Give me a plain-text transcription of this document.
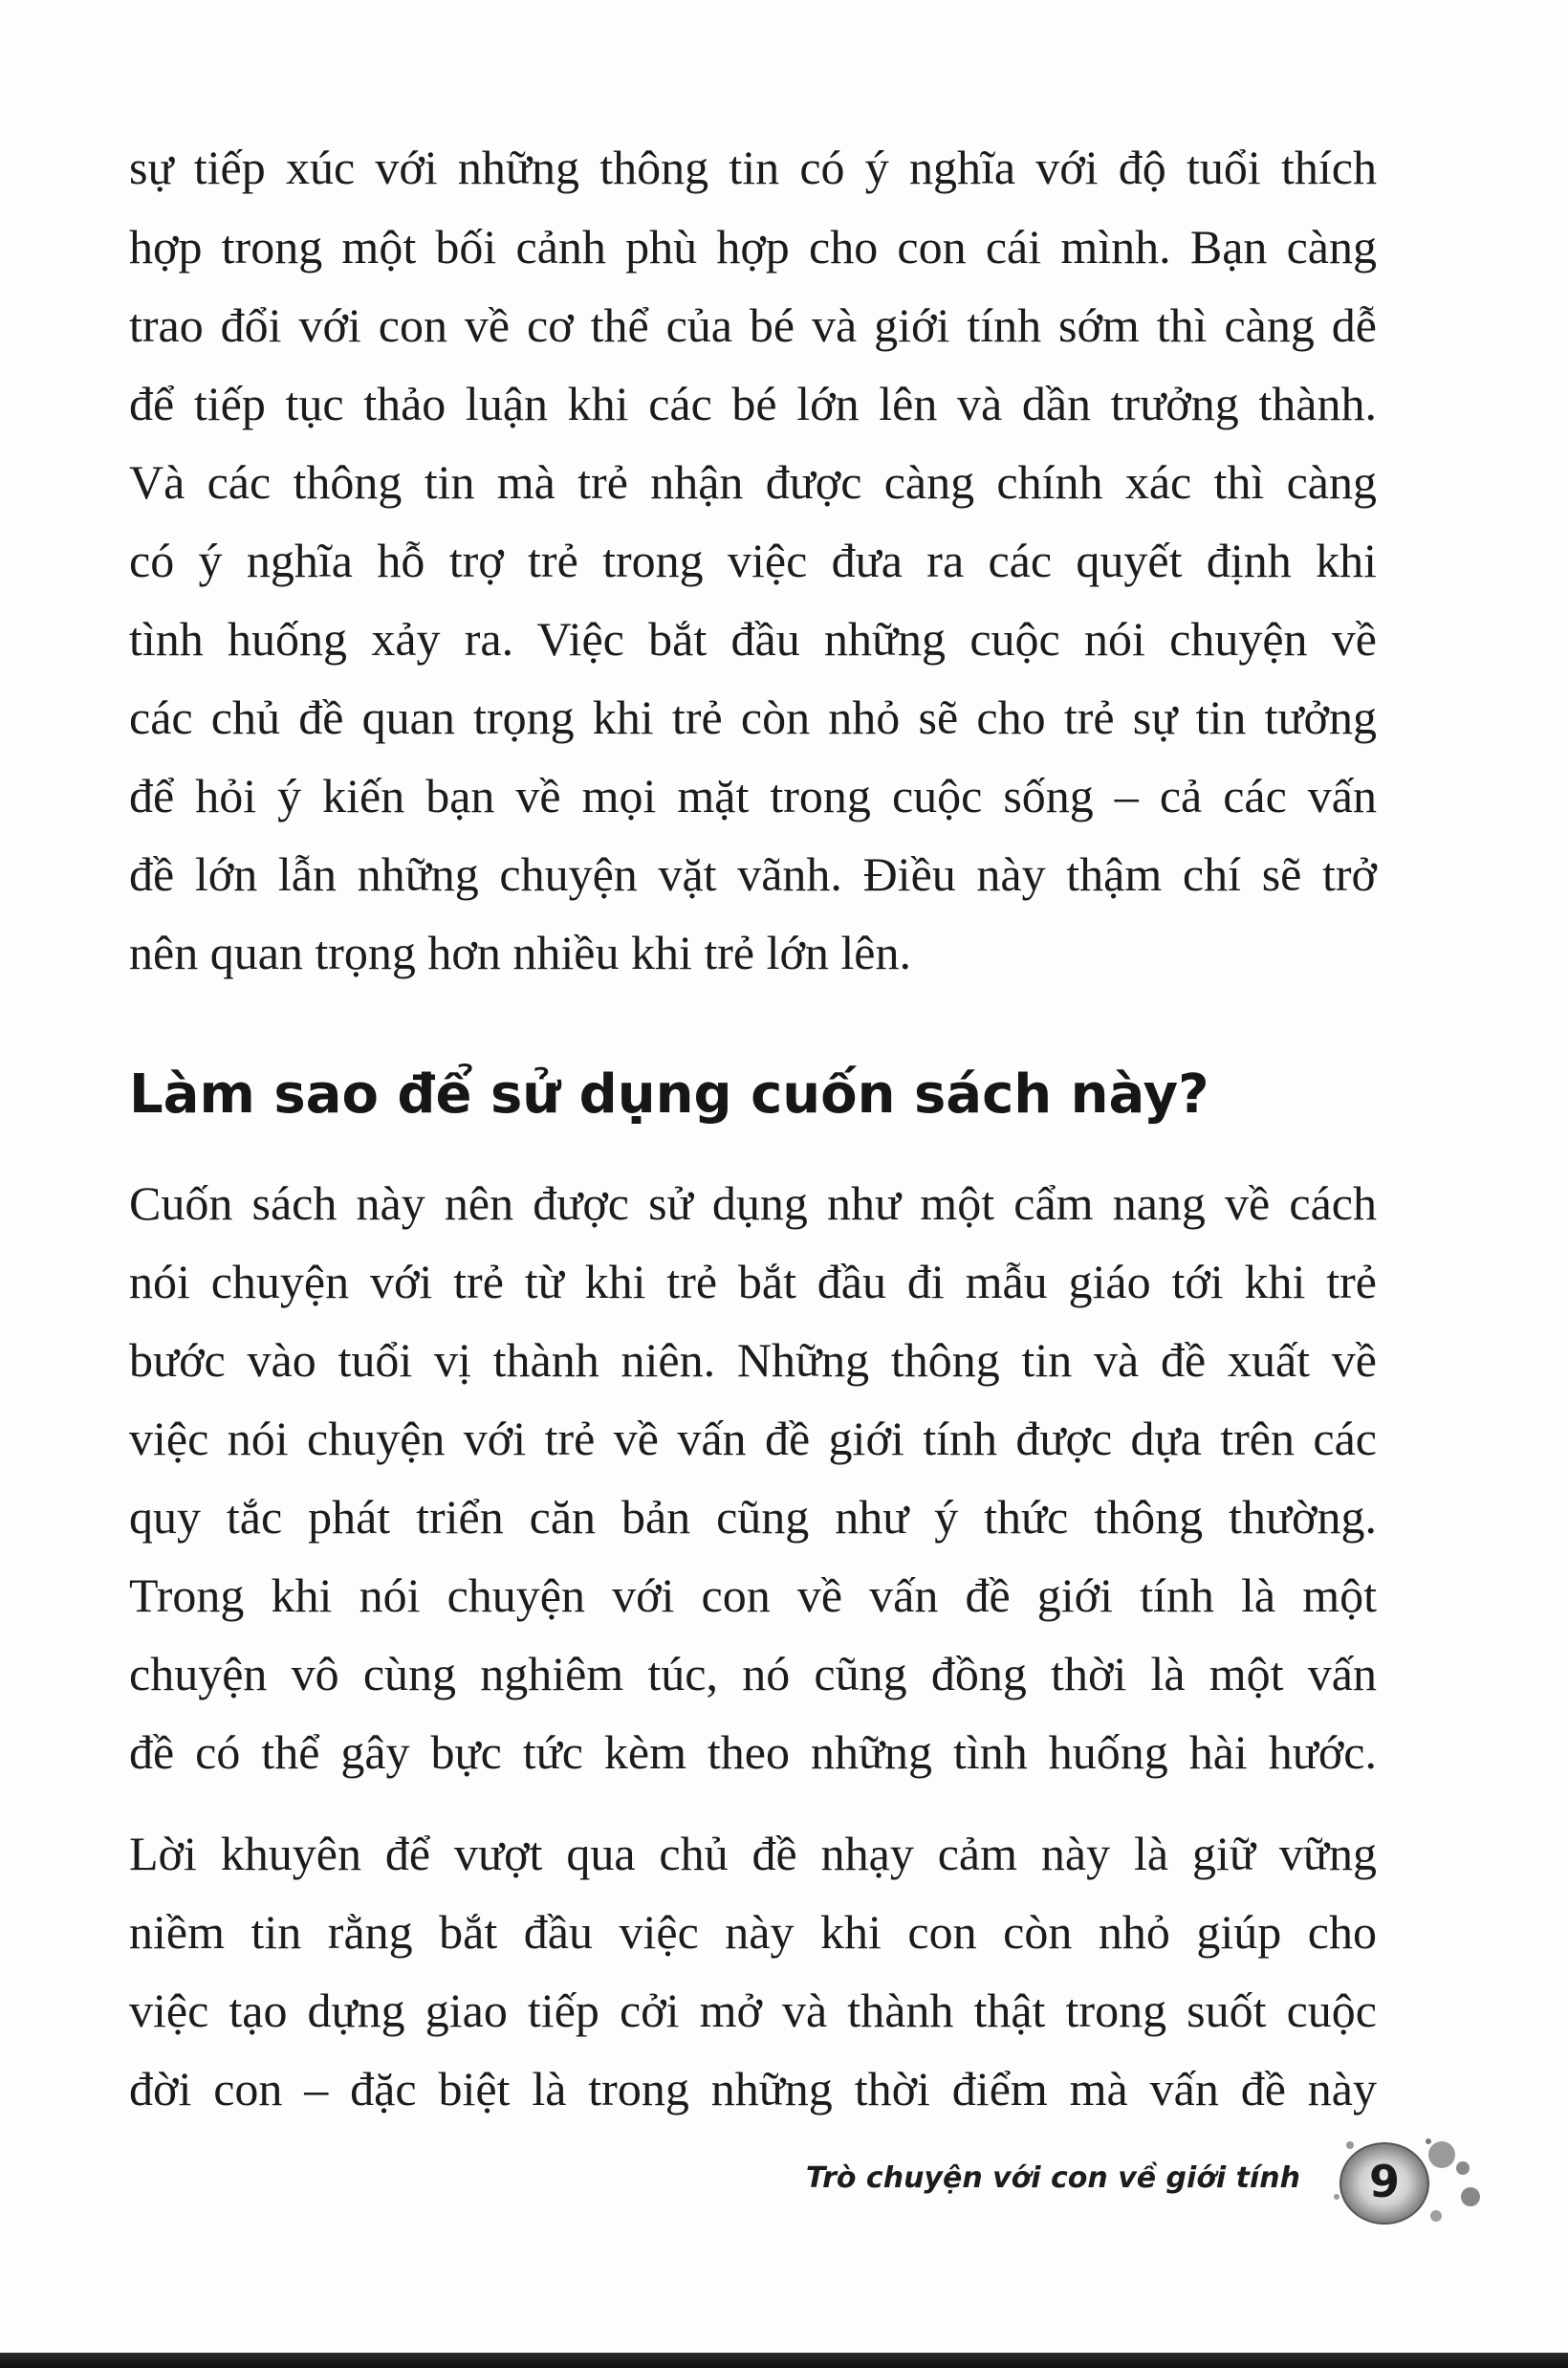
sự tiếp xúc với những thông tin có ý nghĩa với độ tuổi thích

hợp trong một bối cảnh phù hợp cho con cái mình. Bạn càng

trao đổi với con về cơ thể của bé và giới tính sớm thì càng dễ

để tiếp tục thảo luận khi các bé lớn lên và dần trưởng thành.

Và các thông tin mà trẻ nhận được càng chính xác thì càng

có ý nghĩa hỗ trợ trẻ trong việc đưa ra các quyết định khi

tình huống xảy ra. Việc bắt đầu những cuộc nói chuyện về

các chủ đề quan trọng khi trẻ còn nhỏ sẽ cho trẻ sự tin tưởng

để hỏi ý kiến bạn về mọi mặt trong cuộc sống – cả các vấn

đề lớn lẫn những chuyện vặt vãnh. Điều này thậm chí sẽ trở

nên quan trọng hơn nhiều khi trẻ lớn lên.

Làm sao để sử dụng cuốn sách này?

Cuốn sách này nên được sử dụng như một cẩm nang về cách

nói chuyện với trẻ từ khi trẻ bắt đầu đi mẫu giáo tới khi trẻ

bước vào tuổi vị thành niên. Những thông tin và đề xuất về

việc nói chuyện với trẻ về vấn đề giới tính được dựa trên các

quy tắc phát triển căn bản cũng như ý thức thông thường.

Trong khi nói chuyện với con về vấn đề giới tính là một

chuyện vô cùng nghiêm túc, nó cũng đồng thời là một vấn

đề có thể gây bực tức kèm theo những tình huống hài hước.

Lời khuyên để vượt qua chủ đề nhạy cảm này là giữ vững

niềm tin rằng bắt đầu việc này khi con còn nhỏ giúp cho

việc tạo dựng giao tiếp cởi mở và thành thật trong suốt cuộc

đời con – đặc biệt là trong những thời điểm mà vấn đề này

Trò chuyện với con về giới tính	9
